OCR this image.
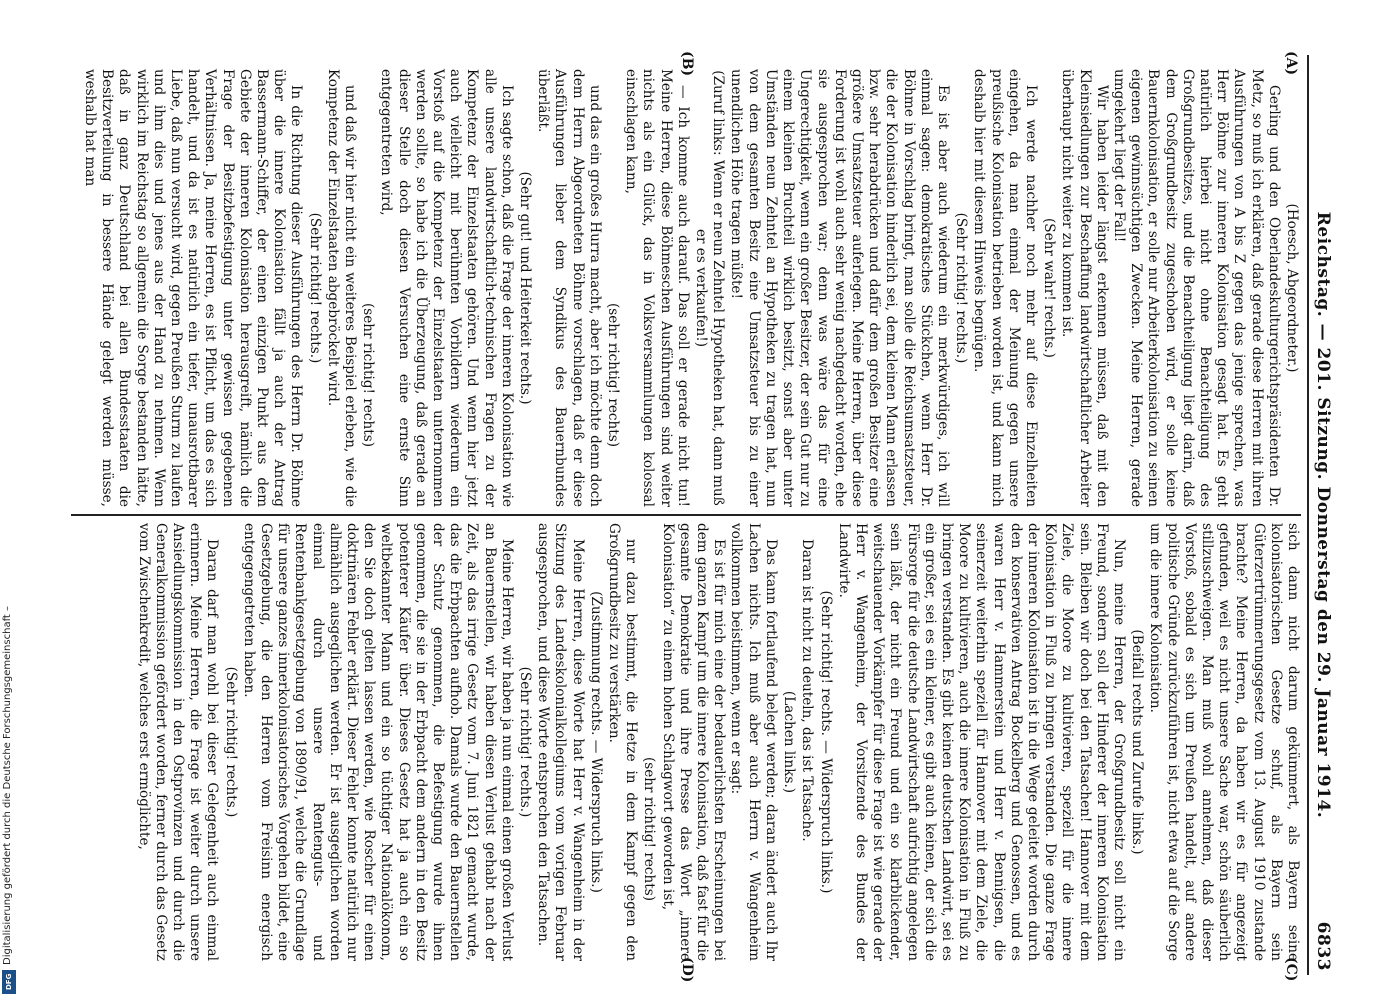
Reichstag. — 201. Sitzung. Donnerstag den 29. Januar 1914.
6833
(A)
(B)
(C)
(D)

(Hoesch, Abgeordneter.)

Gerling und den Oberlandeskulturgerichtspräsidenten Dr. Metz, so muß ich erklären, daß gerade diese Herren mit ihren Ausführungen von A bis Z gegen das jenige sprechen, was Herr Böhme zur inneren Kolonisation gesagt hat. Es geht natürlich hierbei nicht ohne Benachteiligung des Großgrundbesitzes, und die Benachteiligung liegt darin, daß dem Großgrundbesitz zugeschoben wird, er solle keine Bauernkolonisation, er solle nur Arbeiterkolonisation zu seinen eigenen gewinnsüchtigen Zwecken. Meine Herren, gerade umgekehrt liegt der Fall!

Wir haben leider längst erkennen müssen, daß mit den Kleinsiedlungen zur Beschaffung landwirtschaftlicher Arbeiter überhaupt nicht weiter zu kommen ist.

(Sehr wahr! rechts.)

Ich werde nachher noch mehr auf diese Einzelheiten eingehen, da man einmal der Meinung gegen unsere preußische Kolonisation betrieben worden ist, und kann mich deshalb hier mit diesem Hinweis begnügen.

(Sehr richtig! rechts.)

Es ist aber auch wiederum ein merkwürdiges, ich will einmal sagen: demokratisches Stückchen, wenn Herr Dr. Böhme in Vorschlag bringt, man solle die Reichsumsatzsteuer, die der Kolonisation hinderlich sei, dem kleinen Mann erlassen bzw. sehr herabdrücken und dafür dem großen Besitzer eine größere Umsatzsteuer auferlegen. Meine Herren, über diese Forderung ist wohl auch sehr wenig nachgedacht worden, ehe sie ausgesprochen war; denn was wäre das für eine Ungerechtigkeit, wenn ein großer Besitzer, der sein Gut nur zu einem kleinen Bruchteil wirklich besitzt, sonst aber unter Umständen neun Zehntel an Hypotheken zu tragen hat, nun von dem gesamten Besitz eine Umsatzsteuer bis zu einer unendlichen Höhe tragen müßte!

(Zuruf links: Wenn er neun Zehntel Hypotheken hat, dann muß er es verkaufen!)

— Ich komme auch darauf. Das soll er gerade nicht tun! Meine Herren, diese Böhmeschen Ausführungen sind weiter nichts als ein Glück, das in Volksversammlungen kolossal einschlagen kann,

(sehr richtig! rechts)

und das ein großes Hurra macht, aber ich möchte denn doch dem Herrn Abgeordneten Böhme vorschlagen, daß er diese Ausführungen lieber dem Syndikus des Bauernbundes überläßt.

(Sehr gut! und Heiterkeit rechts.)

Ich sagte schon, daß die Frage der inneren Kolonisation wie alle unsere landwirtschaftlich-technischen Fragen zu der Kompetenz der Einzelstaaten gehören. Und wenn hier jetzt auch vielleicht mit berühmten Vorbildern wiederum ein Vorstoß auf die Kompetenz der Einzelstaaten unternommen werden sollte, so habe ich die Überzeugung, daß gerade an dieser Stelle doch diesen Versuchen eine ernste Sinn entgegentreten wird,

(sehr richtig! rechts)

und daß wir hier nicht ein weiteres Beispiel erleben, wie die Kompetenz der Einzelstaaten abgebröckelt wird.

(Sehr richtig! rechts.)

In die Richtung dieser Ausführungen des Herrn Dr. Böhme über die innere Kolonisation fällt ja auch der Antrag Bassermann-Schiffer, der einen einzigen Punkt aus dem Gebiete der inneren Kolonisation herausgreift, nämlich die Frage der Besitzbefestigung unter gewissen gegebenen Verhältnissen. Ja, meine Herren, es ist Pflicht, um das es sich handelt, und da ist es natürlich ein tiefer, unausrottbarer Liebe, daß nun versucht wird, gegen Preußen Sturm zu laufen und ihm dies und jenes aus der Hand zu nehmen. Wenn wirklich im Reichstag so allgemein die Sorge bestanden hätte, daß in ganz Deutschland bei allen Bundesstaaten die Besitzverteilung in bessere Hände gelegt werden müsse, weshalb hat man

sich dann nicht darum gekümmert, als Bayern seine kolonisatorischen Gesetze schuf, als Bayern sein Güterzertrümmerungsgesetz vom 13. August 1910 zustande brachte? Meine Herren, da haben wir es für angezeigt gefunden, weil es nicht unsere Sache war, schön säuberlich stillzuschweigen. Man muß wohl annehmen, daß dieser Vorstoß, sobald es sich um Preußen handelt, auf andere politische Gründe zurückzuführen ist, nicht etwa auf die Sorge um die innere Kolonisation.

(Beifall rechts und Zurufe links.)

Nun, meine Herren, der Großgrundbesitz soll nicht ein Freund, sondern soll der Hinderer der inneren Kolonisation sein. Bleiben wir doch bei den Tatsachen! Hannover mit dem Ziele, die Moore zu kultivieren, speziell für die innere Kolonisation in Fluß zu bringen verstanden. Die ganze Frage der inneren Kolonisation ist in die Wege geleitet worden durch den konservativen Antrag Bockelberg und Genossen, und es waren Herr v. Hammerstein und Herr v. Bennigsen, die seinerzeit weiterhin speziell für Hannover mit dem Ziele, die Moore zu kultivieren, auch die innere Kolonisation in Fluß zu bringen verstanden. Es gibt keinen deutschen Landwirt, sei es ein großer, sei es ein kleiner, es gibt auch keinen, der sich die Fürsorge für die deutsche Landwirtschaft aufrichtig angelegen sein läßt, der nicht ein Freund und ein so klarblickender, weitschauender Vorkämpfer für diese Frage ist wie gerade der Herr v. Wangenheim, der Vorsitzende des Bundes der Landwirte.

(Sehr richtig! rechts. — Widerspruch links.)

Daran ist nicht zu deuteln, das ist Tatsache.

(Lachen links.)

Das kann fortlaufend belegt werden; daran ändert auch Ihr Lachen nichts. Ich muß aber auch Herrn v. Wangenheim vollkommen beistimmen, wenn er sagt:

Es ist für mich eine der bedauerlichsten Erscheinungen bei dem ganzen Kampf um die innere Kolonisation, daß fast für die gesamte Demokratie und ihre Presse das Wort „innere Kolonisation“ zu einem hohen Schlagwort geworden ist,

(sehr richtig! rechts)

nur dazu bestimmt, die Hetze in dem Kampf gegen den Großgrundbesitz zu verstärken.

(Zustimmung rechts. — Widerspruch links.)

Meine Herren, diese Worte hat Herr v. Wangenheim in der Sitzung des Landeskolonialkollegiums vom vorigen Februar ausgesprochen, und diese Worte entsprechen den Tatsachen.

(Sehr richtig! rechts.)

Meine Herren, wir haben ja nun einmal einen großen Verlust an Bauernstellen, wir haben diesen Verlust gehabt nach der Zeit, als das irrige Gesetz vom 7. Juni 1821 gemacht wurde, das die Erbpachten aufhob. Damals wurde den Bauernstellen der Schutz genommen, die Befestigung wurde ihnen genommen, die sie in der Erbpacht dem andern in den Besitz potenterer Käufer über. Dieses Gesetz hat ja auch ein so weltbekannter Mann und ein so tüchtiger Nationalökonom, den Sie doch gelten lassen werden, wie Roscher für einen doktrinären Fehler erklärt. Dieser Fehler konnte natürlich nur allmählich ausgeglichen werden. Er ist ausgeglichen worden einmal durch unsere Rentenguts- und Rentenbankgesetzgebung von 1890/91, welche die Grundlage für unsere ganzes innerkolonisatorisches Vorgehen bildet, eine Gesetzgebung, die den Herren vom Freisinn energisch entgegengetreten haben.

(Sehr richtig! rechts.)

Daran darf man wohl bei dieser Gelegenheit auch einmal erinnern. Meine Herren, die Frage ist weiter durch unsere Ansiedlungskommission in den Ostprovinzen und durch die Generalkommission gefördert worden, ferner durch das Gesetz vom Zwischenkredit, welches erst ermöglichte,

Digitalisierung gefördert durch die Deutsche Forschungsgemeinschaft –
DFG
